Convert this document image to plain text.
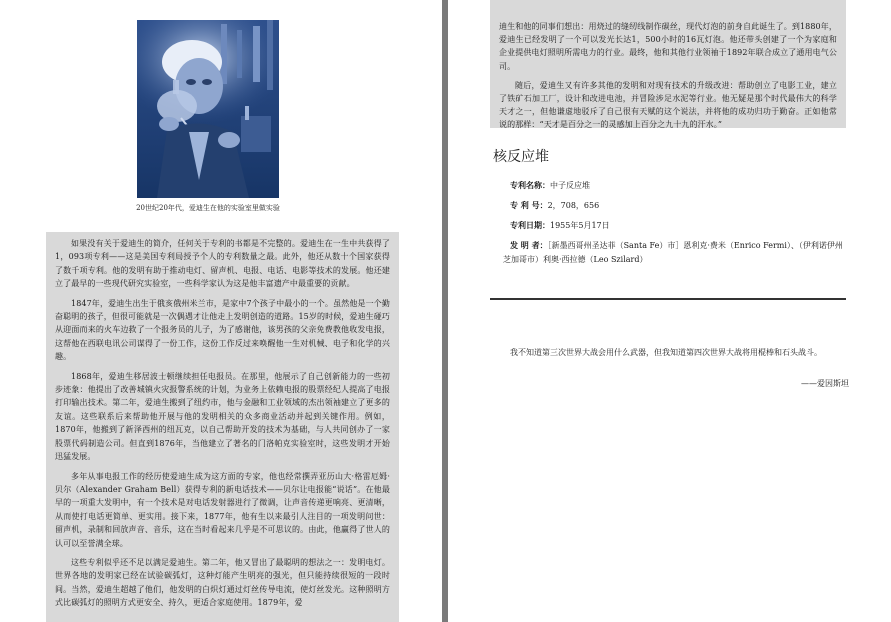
20世纪20年代，爱迪生在他的实验室里做实验

如果没有关于爱迪生的简介，任何关于专利的书都是不完整的。爱迪生在一生中共获得了1，093项专利——这是美国专利局授予个人的专利数量之最。此外，他还从数十个国家获得了数千项专利。他的发明有助于推动电灯、留声机、电报、电话、电影等技术的发展。他还建立了最早的一些现代研究实验室，一些科学家认为这是他丰富遗产中最重要的贡献。

1847年，爱迪生出生于俄亥俄州米兰市，是家中7个孩子中最小的一个。虽然他是一个勤奋聪明的孩子，但很可能就是一次偶遇才让他走上发明创造的道路。15岁的时候，爱迪生碰巧从迎面而来的火车边救了一个报务员的儿子，为了感谢他，该男孩的父亲免费教他收发电报，这帮他在西联电讯公司谋得了一份工作，这份工作反过来唤醒他一生对机械、电子和化学的兴趣。

1868年，爱迪生移居波士顿继续担任电报员。在那里，他展示了自己创新能力的一些初步迹象：他提出了改善城镇火灾报警系统的计划，为业务上依赖电报的股票经纪人提高了电报打印输出技术。第二年，爱迪生搬到了纽约市，他与金融和工业领域的杰出领袖建立了更多的友谊。这些联系后来帮助他开展与他的发明相关的众多商业活动并起到关键作用。例如，1870年，他搬到了新泽西州的纽瓦克，以自己帮助开发的技术为基础，与人共同创办了一家股票代码制造公司。但直到1876年，当他建立了著名的门洛帕克实验室时，这些发明才开始迅猛发展。

多年从事电报工作的经历使爱迪生成为这方面的专家，他也经常撰弄亚历山大·格雷厄姆·贝尔（Alexander Graham Bell）获得专利的新电话技术——贝尔让电报能“说话”。在他最早的一项重大发明中，有一个技术是对电话发射器进行了微调，让声音传递更响亮、更清晰，从而使打电话更简单、更实用。接下来，1877年，他有生以来最引人注目的一项发明问世：留声机，录制和回放声音、音乐，这在当时看起来几乎是不可思议的。由此，他赢得了世人的认可以至誉满全球。

这些专利似乎还不足以满足爱迪生。第二年，他又冒出了最聪明的想法之一：发明电灯。世界各地的发明家已经在试验碳弧灯，这种灯能产生明亮的强光，但只能持续很短的一段时间。当然，爱迪生超越了他们，他发明的白炽灯通过灯丝传导电流，使灯丝发光。这种照明方式比碳弧灯的照明方式更安全、持久，更适合家庭使用。1879年，爱

迪生和他的同事们想出：用烧过的缝纫线制作碳丝，现代灯泡的前身自此诞生了。到1880年，爱迪生已经发明了一个可以发光长达1，500小时的16瓦灯泡。他还带头创建了一个为家庭和企业提供电灯照明所需电力的行业。最终，他和其他行业领袖于1892年联合成立了通用电气公司。

随后，爱迪生又有许多其他的发明和对现有技术的升级改进：帮助创立了电影工业，建立了铁矿石加工厂，设计和改进电池，并冒险涉足水泥等行业。他无疑是那个时代最伟大的科学天才之一，但他谦虚地驳斥了自己很有天赋的这个说法，并将他的成功归功于勤奋。正如他常说的那样：“天才是百分之一的灵感加上百分之九十九的汗水。”

核反应堆
专利名称：中子反应堆
专 利 号：2，708，656
专利日期：1955年5月17日
发 明 者：［新墨西哥州圣达菲（Santa Fe）市］恩利克·费米（Enrico Fermi）、（伊利诺伊州芝加哥市）利奥·西拉德（Leo Szilard）

我不知道第三次世界大战会用什么武器，但我知道第四次世界大战将用棍棒和石头战斗。

——爱因斯坦
